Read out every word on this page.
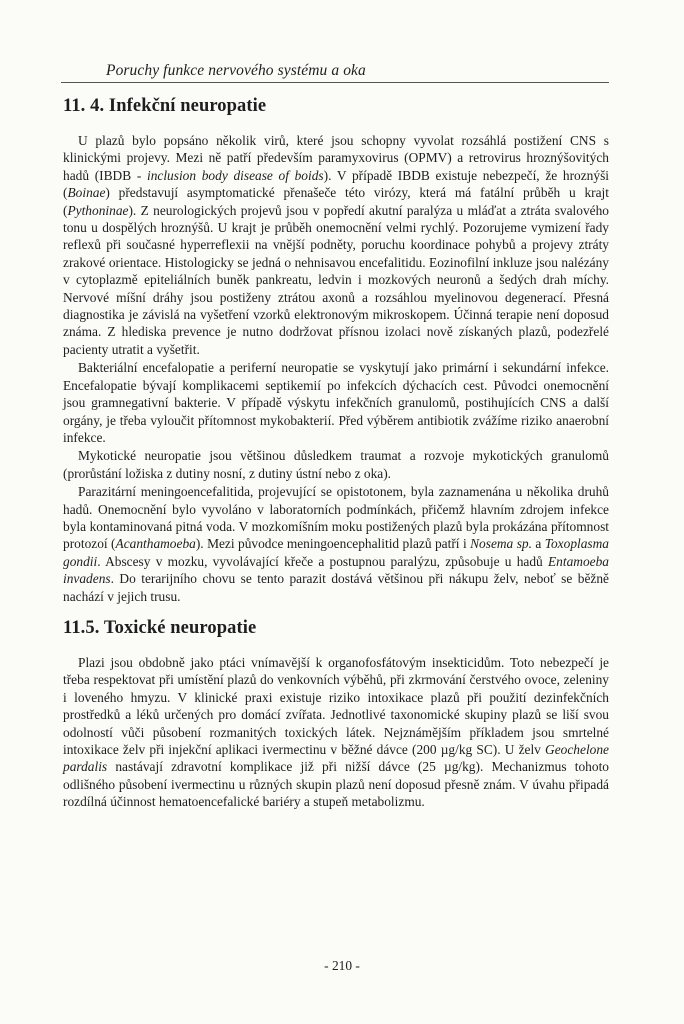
Poruchy funkce nervového systému a oka
11. 4. Infekční neuropatie

U plazů bylo popsáno několik virů, které jsou schopny vyvolat rozsáhlá postižení CNS s klinickými projevy. Mezi ně patří především paramyxovirus (OPMV) a retrovirus hroznýšovitých hadů (IBDB - inclusion body disease of boids). V případě IBDB existuje nebezpečí, že hroznýši (Boinae) představují asymptomatické přenašeče této virózy, která má fatální průběh u krajt (Pythoninae). Z neurologických projevů jsou v popředí akutní paralýza u mláďat a ztráta svalového tonu u dospělých hroznýšů. U krajt je průběh onemocnění velmi rychlý. Pozorujeme vymizení řady reflexů při současné hyperreflexii na vnější podněty, poruchu koordinace pohybů a projevy ztráty zrakové orientace. Histologicky se jedná o nehnisavou encefalitidu. Eozinofilní inkluze jsou nalézány v cytoplazmě epiteliálních buněk pankreatu, ledvin i mozkových neuronů a šedých drah míchy. Nervové míšní dráhy jsou postiženy ztrátou axonů a rozsáhlou myelinovou degenerací. Přesná diagnostika je závislá na vyšetření vzorků elektronovým mikroskopem. Účinná terapie není doposud známa. Z hlediska prevence je nutno dodržovat přísnou izolaci nově získaných plazů, podezřelé pacienty utratit a vyšetřit.

Bakteriální encefalopatie a periferní neuropatie se vyskytují jako primární i sekundární infekce. Encefalopatie bývají komplikacemi septikemií po infekcích dýchacích cest. Původci onemocnění jsou gramnegativní bakterie. V případě výskytu infekčních granulomů, postihujících CNS a další orgány, je třeba vyloučit přítomnost mykobakterií. Před výběrem antibiotik zvážíme riziko anaerobní infekce.

Mykotické neuropatie jsou většinou důsledkem traumat a rozvoje mykotických granulomů (prorůstání ložiska z dutiny nosní, z dutiny ústní nebo z oka).

Parazitární meningoencefalitida, projevující se opistotonem, byla zaznamenána u několika druhů hadů. Onemocnění bylo vyvoláno v laboratorních podmínkách, přičemž hlavním zdrojem infekce byla kontaminovaná pitná voda. V mozkomíšním moku postižených plazů byla prokázána přítomnost protozoí (Acanthamoeba). Mezi původce meningoencephalitid plazů patří i Nosema sp. a Toxoplasma gondii. Abscesy v mozku, vyvolávající křeče a postupnou paralýzu, způsobuje u hadů Entamoeba invadens. Do terarijního chovu se tento parazit dostává většinou při nákupu želv, neboť se běžně nachází v jejich trusu.

11.5. Toxické neuropatie

Plazi jsou obdobně jako ptáci vnímavější k organofosfátovým insekticidům. Toto nebezpečí je třeba respektovat při umístění plazů do venkovních výběhů, při zkrmování čerstvého ovoce, zeleniny i loveného hmyzu. V klinické praxi existuje riziko intoxikace plazů při použití dezinfekčních prostředků a léků určených pro domácí zvířata. Jednotlivé taxonomické skupiny plazů se liší svou odolností vůči působení rozmanitých toxických látek. Nejznámějším příkladem jsou smrtelné intoxikace želv při injekční aplikaci ivermectinu v běžné dávce (200 µg/kg SC). U želv Geochelone pardalis nastávají zdravotní komplikace již při nižší dávce (25 µg/kg). Mechanizmus tohoto odlišného působení ivermectinu u různých skupin plazů není doposud přesně znám. V úvahu připadá rozdílná účinnost hematoencefalické bariéry a stupeň metabolizmu.

- 210 -
